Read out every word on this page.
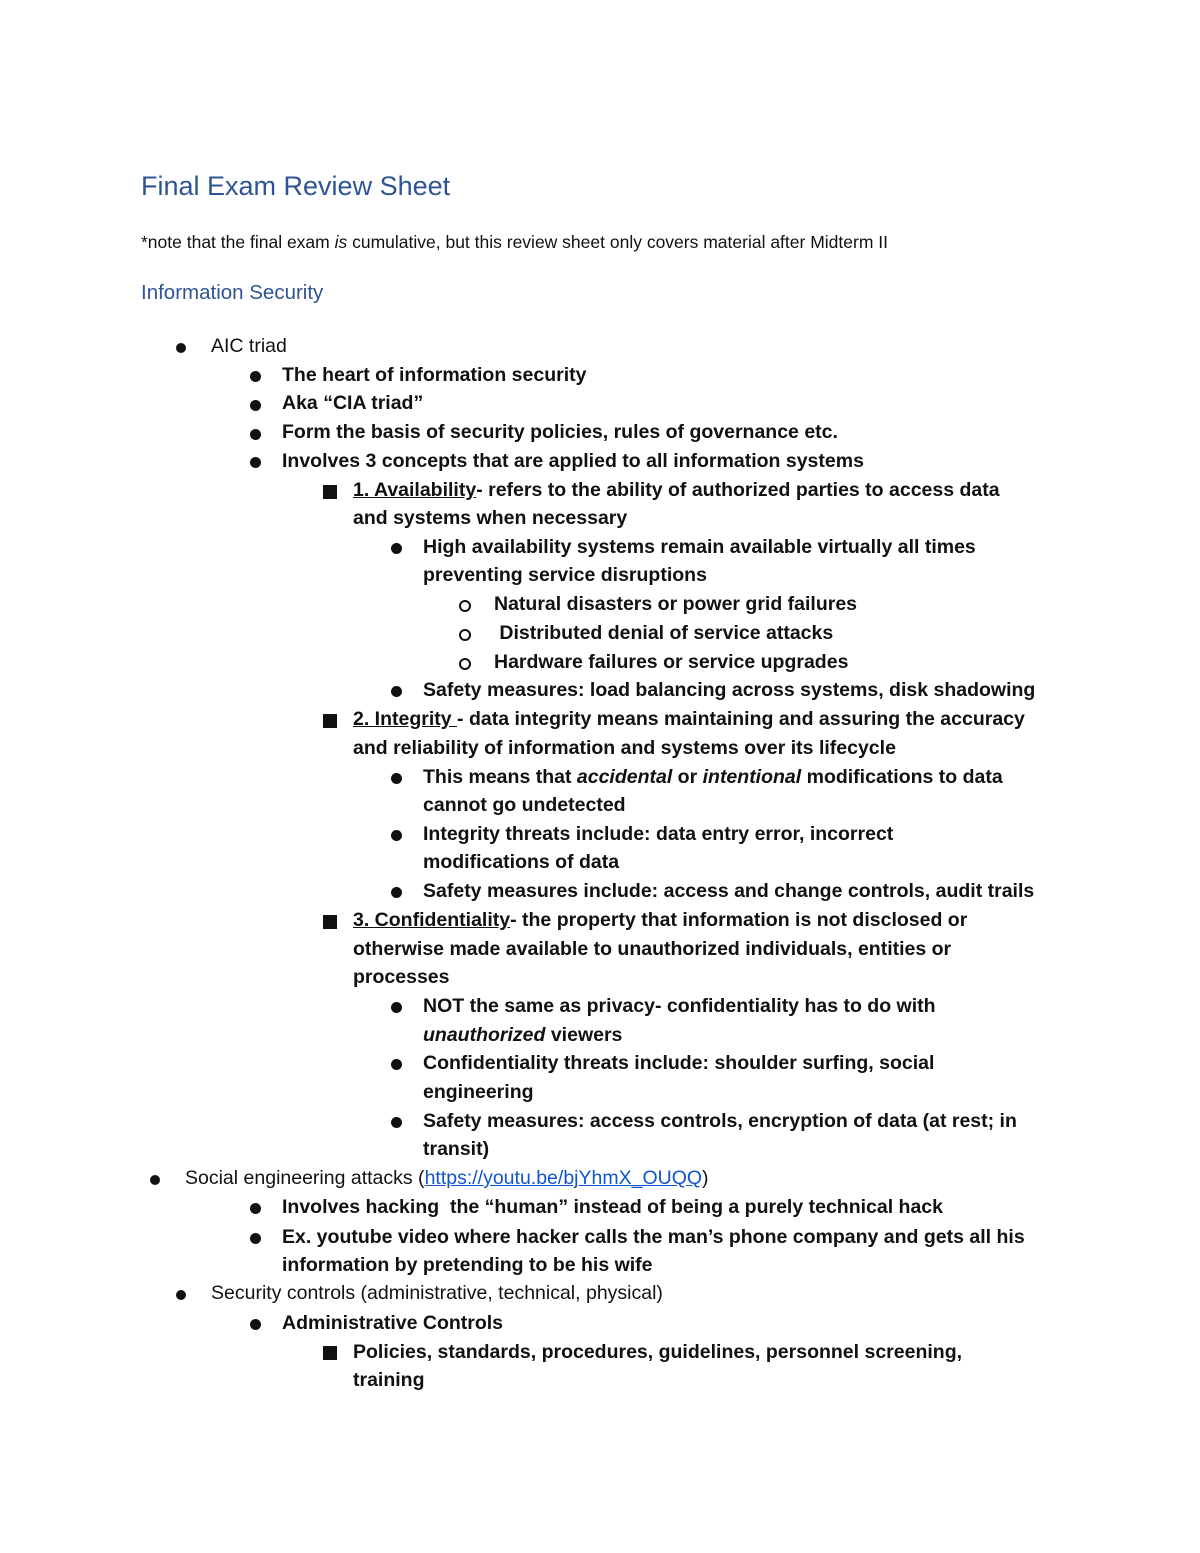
Final Exam Review Sheet
*note that the final exam is cumulative, but this review sheet only covers material after Midterm II
Information Security
AIC triad
The heart of information security
Aka “CIA triad”
Form the basis of security policies, rules of governance etc.
Involves 3 concepts that are applied to all information systems
1. Availability- refers to the ability of authorized parties to access data
and systems when necessary
High availability systems remain available virtually all times
preventing service disruptions
Natural disasters or power grid failures
Distributed denial of service attacks
Hardware failures or service upgrades
Safety measures: load balancing across systems, disk shadowing
2. Integrity - data integrity means maintaining and assuring the accuracy
and reliability of information and systems over its lifecycle
This means that accidental or intentional modifications to data
cannot go undetected
Integrity threats include: data entry error, incorrect
modifications of data
Safety measures include: access and change controls, audit trails
3. Confidentiality- the property that information is not disclosed or
otherwise made available to unauthorized individuals, entities or
processes
NOT the same as privacy- confidentiality has to do with
unauthorized viewers
Confidentiality threats include: shoulder surfing, social
engineering
Safety measures: access controls, encryption of data (at rest; in
transit)
Social engineering attacks (https://youtu.be/bjYhmX_OUQQ)
Involves hacking  the “human” instead of being a purely technical hack
Ex. youtube video where hacker calls the man’s phone company and gets all his
information by pretending to be his wife
Security controls (administrative, technical, physical)
Administrative Controls
Policies, standards, procedures, guidelines, personnel screening,
training
